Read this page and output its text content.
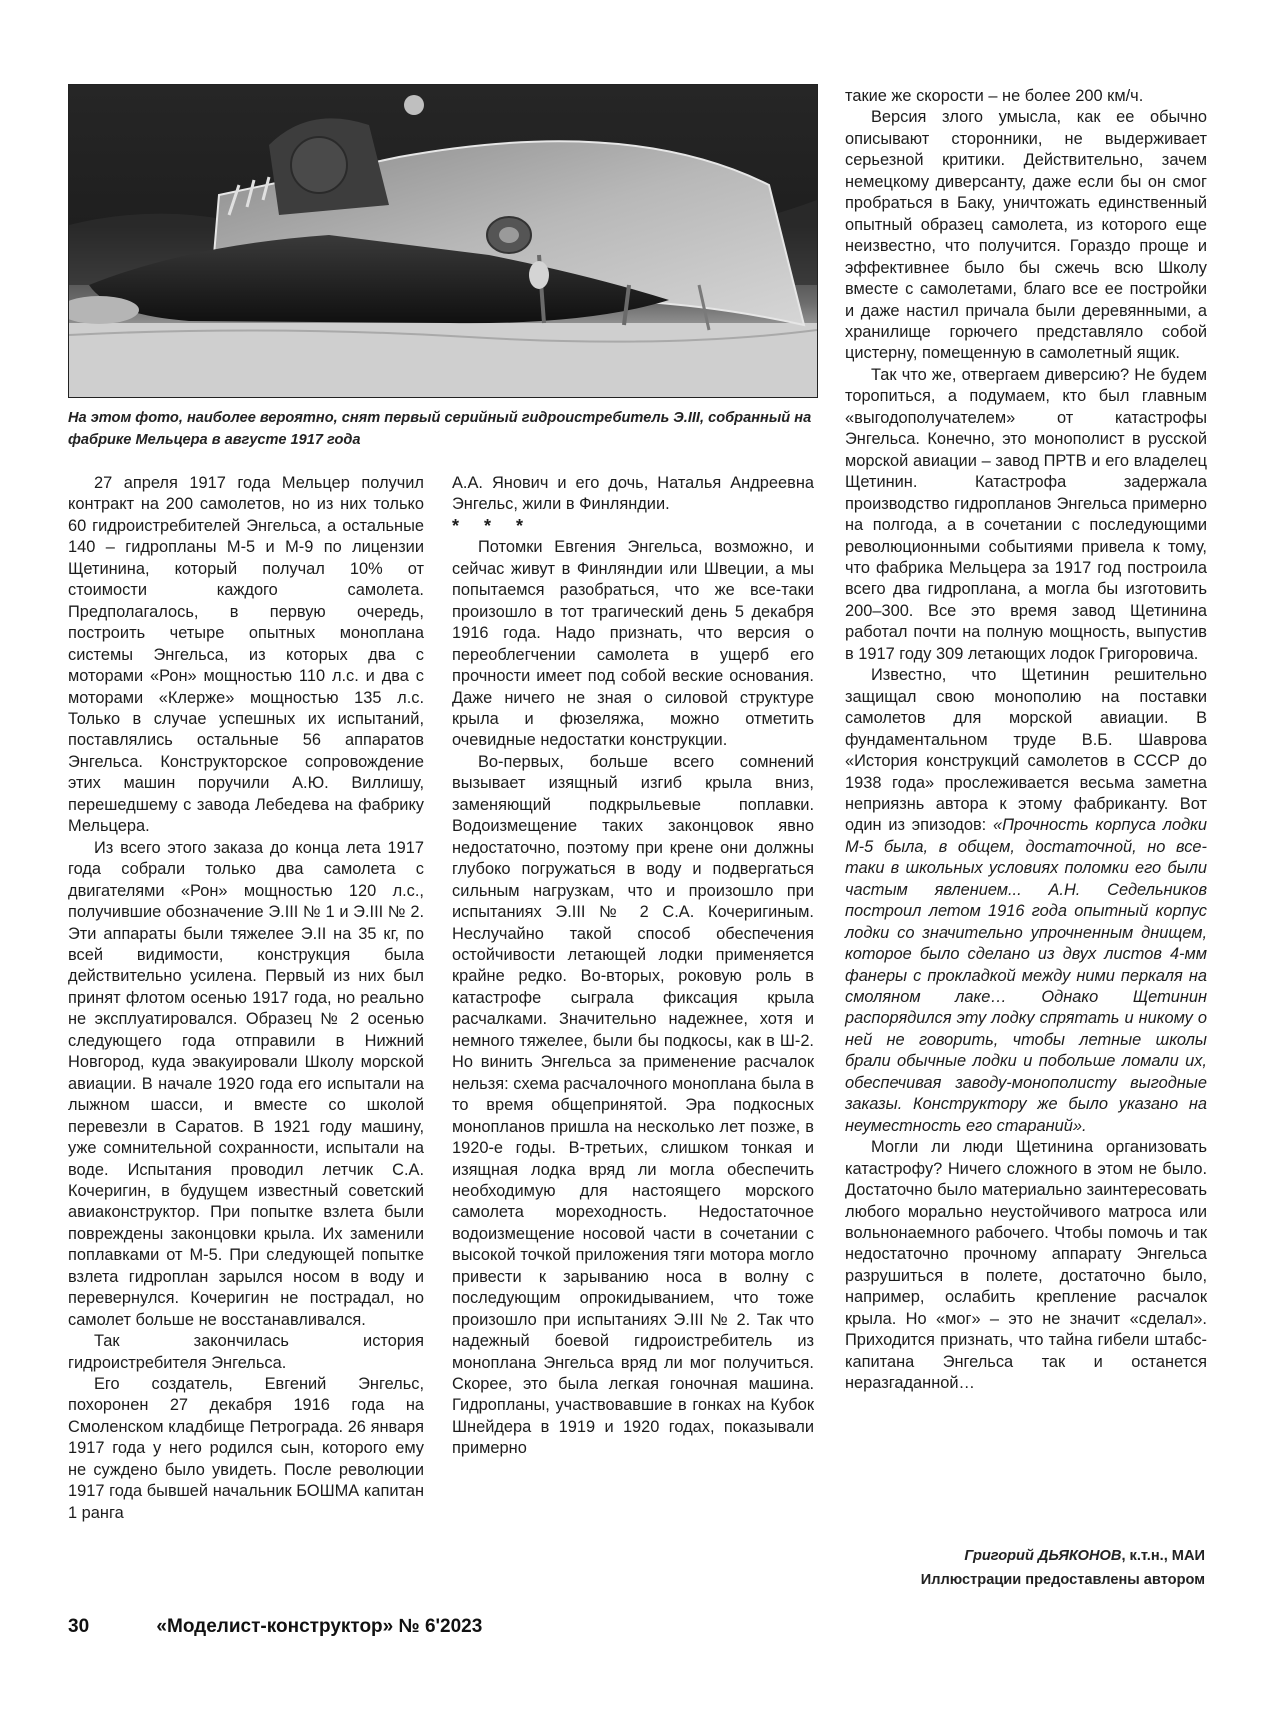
На этом фото, наиболее вероятно, снят первый серийный гидроистребитель Э.III, собранный на фабрике Мельцера в августе 1917 года

27 апреля 1917 года Мельцер получил контракт на 200 самолетов, но из них только 60 гидроистребителей Энгельса, а остальные 140 – гидропланы М-5 и М-9 по лицензии Щетинина, который получал 10% от стоимости каждого самолета. Предполагалось, в первую очередь, построить четыре опытных моноплана системы Энгельса, из которых два с моторами «Рон» мощностью 110 л.с. и два с моторами «Клерже» мощностью 135 л.с. Только в случае успешных их испытаний, поставлялись остальные 56 аппаратов Энгельса. Конструкторское сопровождение этих машин поручили А.Ю. Виллишу, перешедшему с завода Лебедева на фабрику Мельцера.

Из всего этого заказа до конца лета 1917 года собрали только два самолета с двигателями «Рон» мощностью 120 л.с., получившие обозначение Э.III № 1 и Э.III № 2. Эти аппараты были тяжелее Э.II на 35 кг, по всей видимости, конструкция была действительно усилена. Первый из них был принят флотом осенью 1917 года, но реально не эксплуатировался. Образец № 2 осенью следующего года отправили в Нижний Новгород, куда эвакуировали Школу морской авиации. В начале 1920 года его испытали на лыжном шасси, и вместе со школой перевезли в Саратов. В 1921 году машину, уже сомнительной сохранности, испытали на воде. Испытания проводил летчик С.А. Кочеригин, в будущем известный советский авиаконструктор. При попытке взлета были повреждены законцовки крыла. Их заменили поплавками от М-5. При следующей попытке взлета гидроплан зарылся носом в воду и перевернулся. Кочеригин не пострадал, но самолет больше не восстанавливался.

Так закончилась история гидроистребителя Энгельса.

Его создатель, Евгений Энгельс, похоронен 27 декабря 1916 года на Смоленском кладбище Петрограда. 26 января 1917 года у него родился сын, которого ему не суждено было увидеть. После революции 1917 года бывшей начальник БОШМА капитан 1 ранга

А.А. Янович и его дочь, Наталья Андреевна Энгельс, жили в Финляндии.

* * *

Потомки Евгения Энгельса, возможно, и сейчас живут в Финляндии или Швеции, а мы попытаемся разобраться, что же все-таки произошло в тот трагический день 5 декабря 1916 года. Надо признать, что версия о переоблегчении самолета в ущерб его прочности имеет под собой веские основания. Даже ничего не зная о силовой структуре крыла и фюзеляжа, можно отметить очевидные недостатки конструкции.

Во-первых, больше всего сомнений вызывает изящный изгиб крыла вниз, заменяющий подкрыльевые поплавки. Водоизмещение таких законцовок явно недостаточно, поэтому при крене они должны глубоко погружаться в воду и подвергаться сильным нагрузкам, что и произошло при испытаниях Э.III № 2 С.А. Кочеригиным. Неслучайно такой способ обеспечения остойчивости летающей лодки применяется крайне редко. Во-вторых, роковую роль в катастрофе сыграла фиксация крыла расчалками. Значительно надежнее, хотя и немного тяжелее, были бы подкосы, как в Ш-2. Но винить Энгельса за применение расчалок нельзя: схема расчалочного моноплана была в то время общепринятой. Эра подкосных монопланов пришла на несколько лет позже, в 1920-е годы. В-третьих, слишком тонкая и изящная лодка вряд ли могла обеспечить необходимую для настоящего морского самолета мореходность. Недостаточное водоизмещение носовой части в сочетании с высокой точкой приложения тяги мотора могло привести к зарыванию носа в волну с последующим опрокидыванием, что тоже произошло при испытаниях Э.III № 2. Так что надежный боевой гидроистребитель из моноплана Энгельса вряд ли мог получиться. Скорее, это была легкая гоночная машина. Гидропланы, участвовавшие в гонках на Кубок Шнейдера в 1919 и 1920 годах, показывали примерно

такие же скорости – не более 200 км/ч.

Версия злого умысла, как ее обычно описывают сторонники, не выдерживает серьезной критики. Действительно, зачем немецкому диверсанту, даже если бы он смог пробраться в Баку, уничтожать единственный опытный образец самолета, из которого еще неизвестно, что получится. Гораздо проще и эффективнее было бы сжечь всю Школу вместе с самолетами, благо все ее постройки и даже настил причала были деревянными, а хранилище горючего представляло собой цистерну, помещенную в самолетный ящик.

Так что же, отвергаем диверсию? Не будем торопиться, а подумаем, кто был главным «выгодополучателем» от катастрофы Энгельса. Конечно, это монополист в русской морской авиации – завод ПРТВ и его владелец Щетинин. Катастрофа задержала производство гидропланов Энгельса примерно на полгода, а в сочетании с последующими революционными событиями привела к тому, что фабрика Мельцера за 1917 год построила всего два гидроплана, а могла бы изготовить 200–300. Все это время завод Щетинина работал почти на полную мощность, выпустив в 1917 году 309 летающих лодок Григоровича.

Известно, что Щетинин решительно защищал свою монополию на поставки самолетов для морской авиации. В фундаментальном труде В.Б. Шаврова «История конструкций самолетов в СССР до 1938 года» прослеживается весьма заметна неприязнь автора к этому фабриканту. Вот один из эпизодов: «Прочность корпуса лодки М-5 была, в общем, достаточной, но все-таки в школьных условиях поломки его были частым явлением... А.Н. Седельников построил летом 1916 года опытный корпус лодки со значительно упрочненным днищем, которое было сделано из двух листов 4-мм фанеры с прокладкой между ними перкаля на смоляном лаке… Однако Щетинин распорядился эту лодку спрятать и никому о ней не говорить, чтобы летные школы брали обычные лодки и побольше ломали их, обеспечивая заводу-монополисту выгодные заказы. Конструктору же было указано на неуместность его стараний».

Могли ли люди Щетинина организовать катастрофу? Ничего сложного в этом не было. Достаточно было материально заинтересовать любого морально неустойчивого матроса или вольнонаемного рабочего. Чтобы помочь и так недостаточно прочному аппарату Энгельса разрушиться в полете, достаточно было, например, ослабить крепление расчалок крыла. Но «мог» – это не значит «сделал». Приходится признать, что тайна гибели штабс-капитана Энгельса так и останется неразгаданной…

Григорий ДЬЯКОНОВ, к.т.н., МАИ
Иллюстрации предоставлены автором
30	«Моделист-конструктор» № 6'2023
